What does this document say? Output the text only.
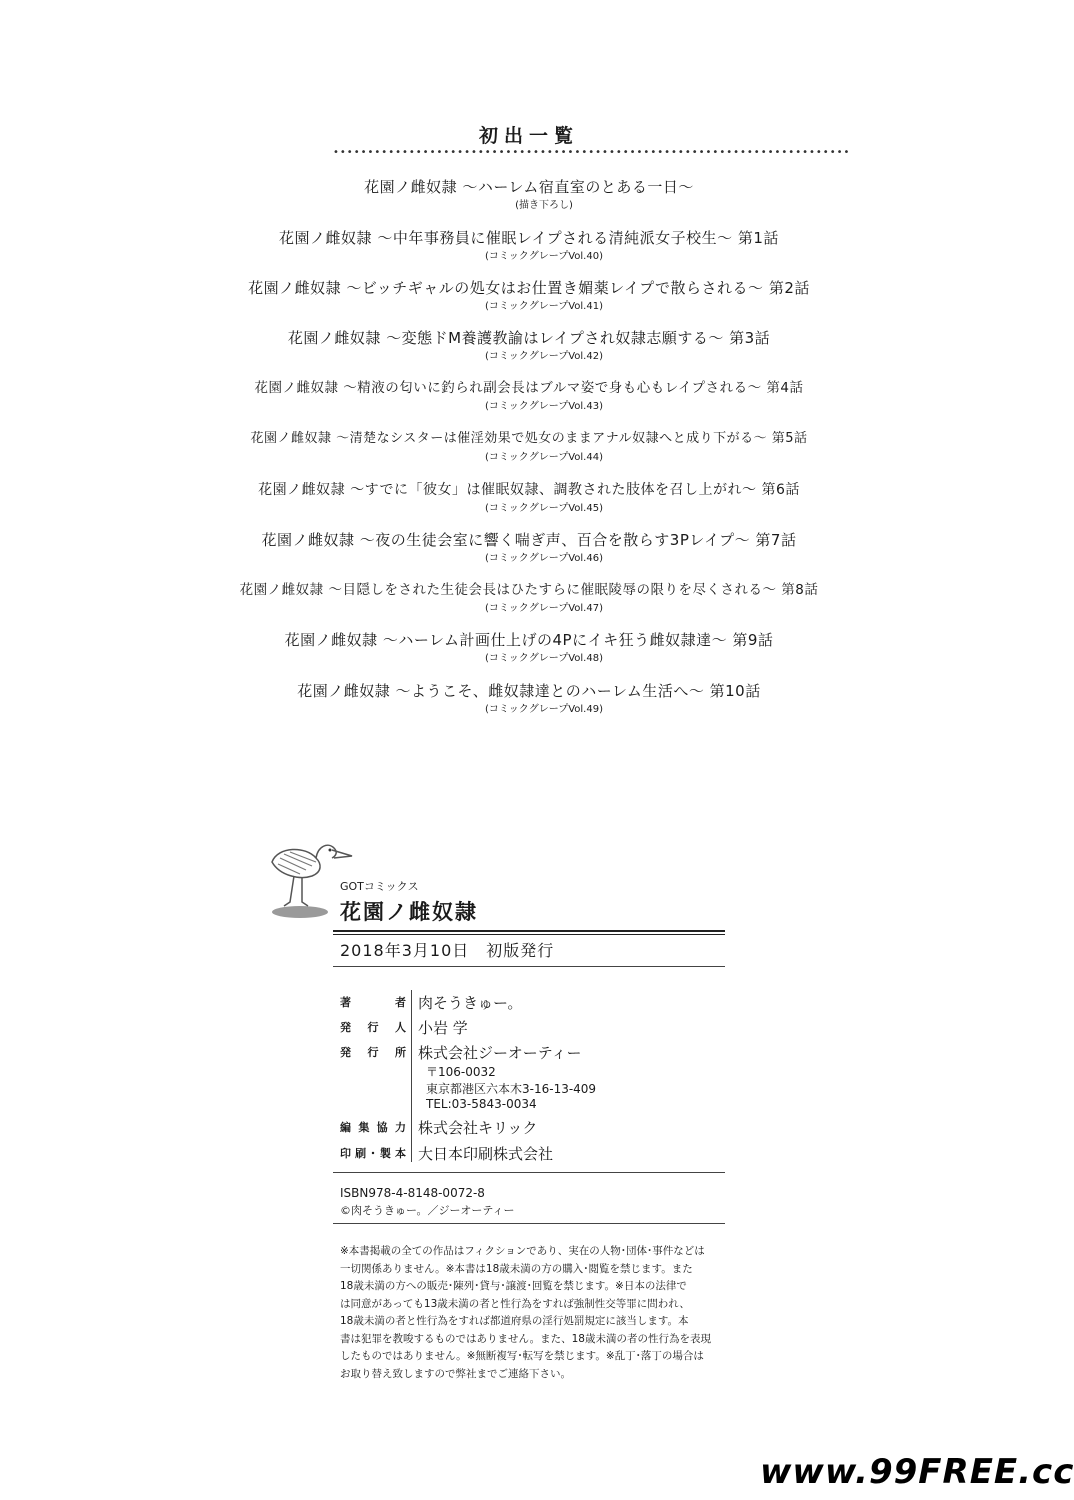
初出一覧
•••••••••••••••••••••••••••••••••••••••••••••••••••••••••••••••••••••••••••
花園ノ雌奴隷 〜ハーレム宿直室のとある一日〜
(描き下ろし)
花園ノ雌奴隷 〜中年事務員に催眠レイプされる清純派女子校生〜 第1話
(コミックグレープVol.40)
花園ノ雌奴隷 〜ビッチギャルの処女はお仕置き媚薬レイプで散らされる〜 第2話
(コミックグレープVol.41)
花園ノ雌奴隷 〜変態ドM養護教諭はレイプされ奴隷志願する〜 第3話
(コミックグレープVol.42)
花園ノ雌奴隷 〜精液の匂いに釣られ副会長はブルマ姿で身も心もレイプされる〜 第4話
(コミックグレープVol.43)
花園ノ雌奴隷 〜清楚なシスターは催淫効果で処女のままアナル奴隷へと成り下がる〜 第5話
(コミックグレープVol.44)
花園ノ雌奴隷 〜すでに「彼女」は催眠奴隷、調教された肢体を召し上がれ〜 第6話
(コミックグレープVol.45)
花園ノ雌奴隷 〜夜の生徒会室に響く喘ぎ声、百合を散らす3Pレイプ〜 第7話
(コミックグレープVol.46)
花園ノ雌奴隷 〜目隠しをされた生徒会長はひたすらに催眠陵辱の限りを尽くされる〜 第8話
(コミックグレープVol.47)
花園ノ雌奴隷 〜ハーレム計画仕上げの4Pにイキ狂う雌奴隷達〜 第9話
(コミックグレープVol.48)
花園ノ雌奴隷 〜ようこそ、雌奴隷達とのハーレム生活へ〜 第10話
(コミックグレープVol.49)
GOTコミックス
花園ノ雌奴隷
2018年3月10日　初版発行
著者 肉そうきゅー。
発行人 小岩 学
発行所 株式会社ジーオーティー
〒106-0032
東京都港区六本木3-16-13-409
TEL:03-5843-0034
編集協力 株式会社キリック
印刷･製本 大日本印刷株式会社
ISBN978-4-8148-0072-8
©肉そうきゅー。／ジーオーティー
※本書掲載の全ての作品はフィクションであり、実在の人物･団体･事件などは
一切関係ありません。※本書は18歳未満の方の購入･閲覧を禁じます。また
18歳未満の方への販売･陳列･貸与･譲渡･回覧を禁じます。※日本の法律で
は同意があっても13歳未満の者と性行為をすれば強制性交等罪に問われ、
18歳未満の者と性行為をすれば都道府県の淫行処罰規定に該当します。本
書は犯罪を教唆するものではありません。また、18歳未満の者の性行為を表現
したものではありません。※無断複写･転写を禁じます。※乱丁･落丁の場合は
お取り替え致しますので弊社までご連絡下さい。
www.99FREE.cc
